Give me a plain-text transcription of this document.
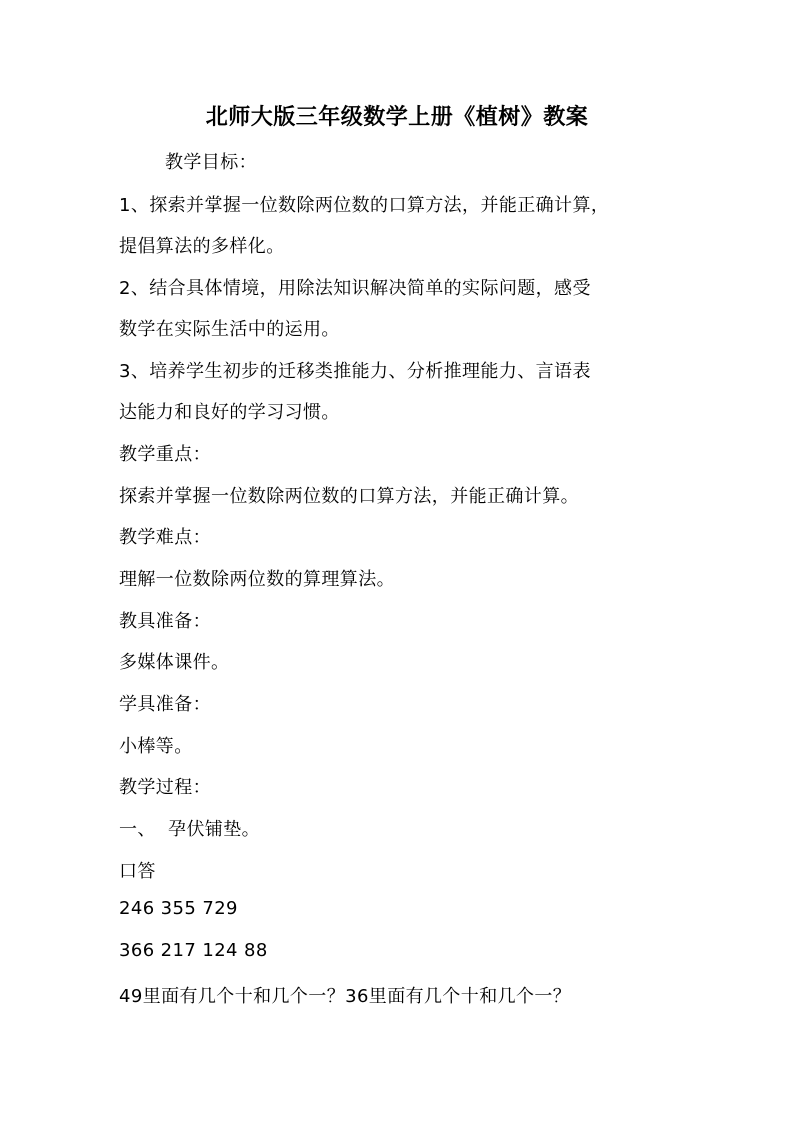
北师大版三年级数学上册《植树》教案
教学目标：
1、探索并掌握一位数除两位数的口算方法，并能正确计算，
提倡算法的多样化。
2、结合具体情境，用除法知识解决简单的实际问题，感受
数学在实际生活中的运用。
3、培养学生初步的迁移类推能力、分析推理能力、言语表
达能力和良好的学习习惯。
教学重点：
探索并掌握一位数除两位数的口算方法，并能正确计算。
教学难点：
理解一位数除两位数的算理算法。
教具准备：
多媒体课件。
学具准备：
小棒等。
教学过程：
一、  孕伏铺垫。
口答
246 355 729
366 217 124 88
49里面有几个十和几个一？36里面有几个十和几个一？
